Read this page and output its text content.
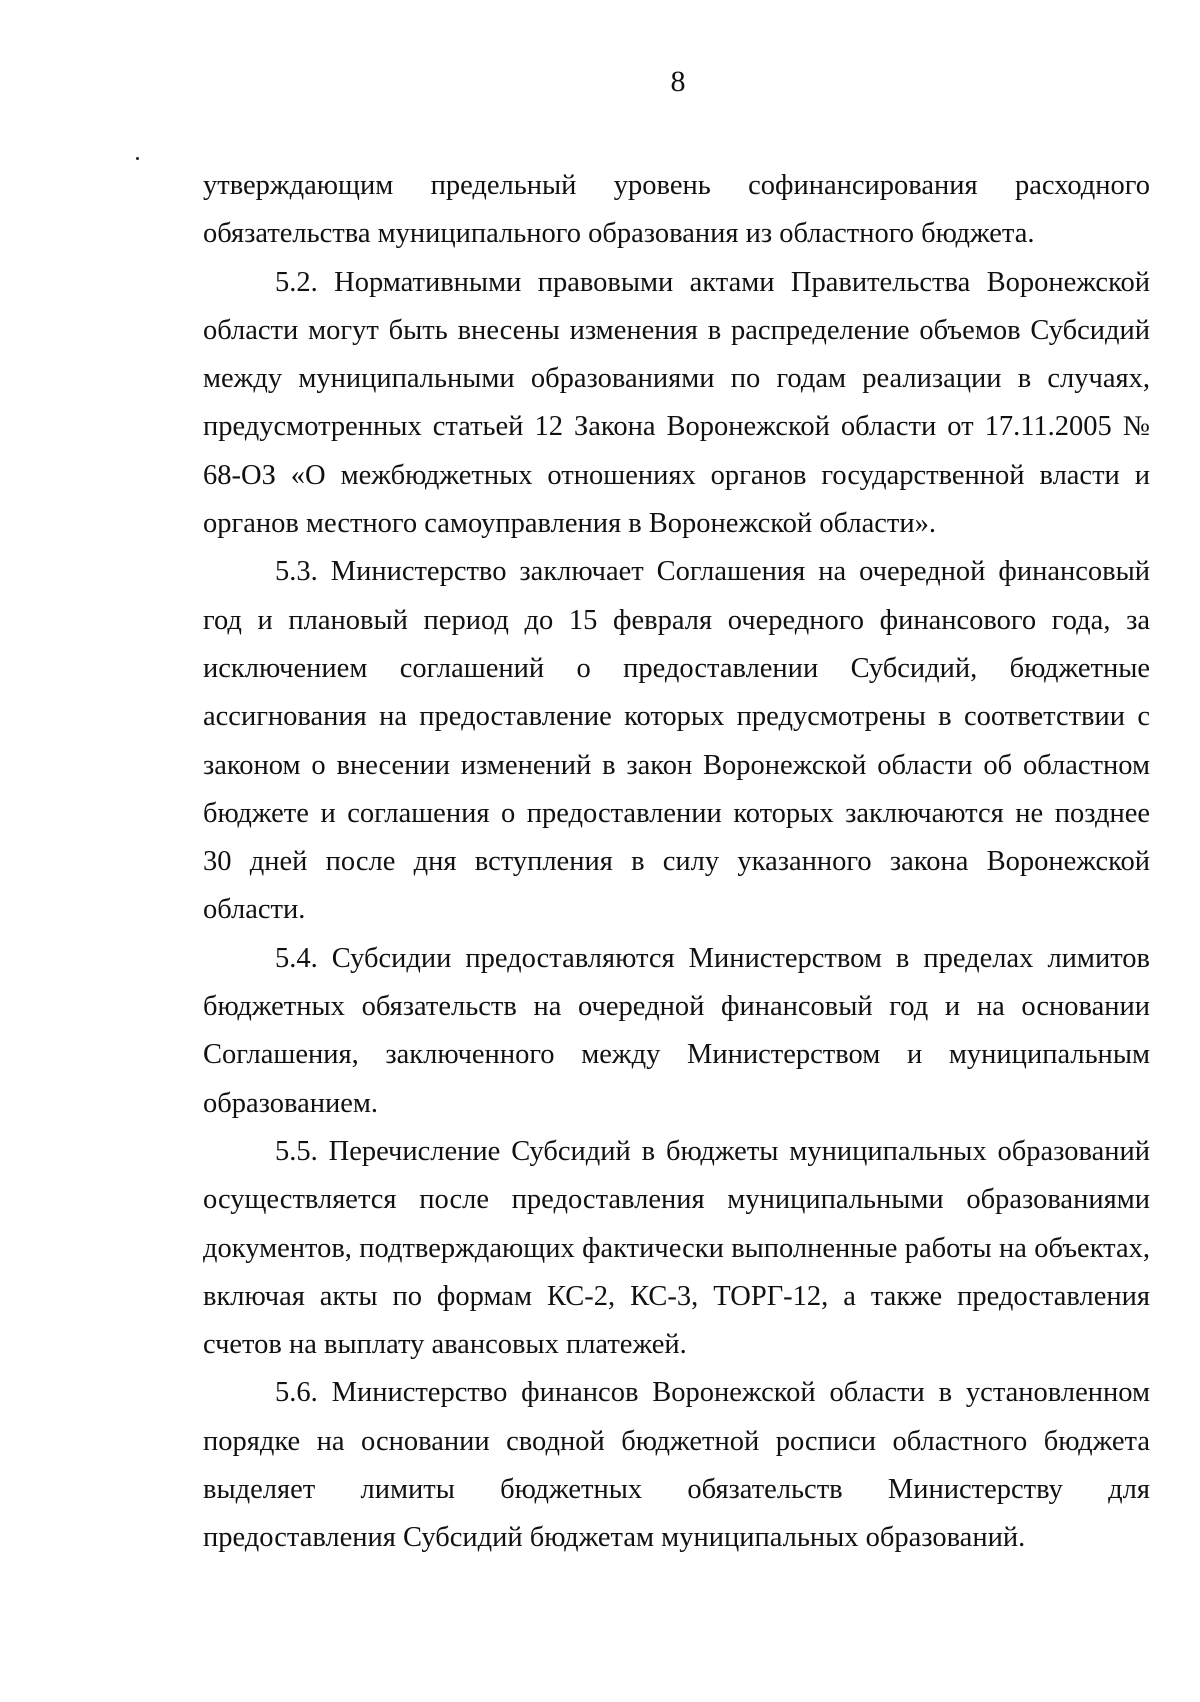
8

утверждающим предельный уровень софинансирования расходного обязательства муниципального образования из областного бюджета.

5.2. Нормативными правовыми актами Правительства Воронежской области могут быть внесены изменения в распределение объемов Субсидий между муниципальными образованиями по годам реализации в случаях, предусмотренных статьей 12 Закона Воронежской области от 17.11.2005 № 68-ОЗ «О межбюджетных отношениях органов государственной власти и органов местного самоуправления в Воронежской области».

5.3. Министерство заключает Соглашения на очередной финансовый год и плановый период до 15 февраля очередного финансового года, за исключением соглашений о предоставлении Субсидий, бюджетные ассигнования на предоставление которых предусмотрены в соответствии с законом о внесении изменений в закон Воронежской области об областном бюджете и соглашения о предоставлении которых заключаются не позднее 30 дней после дня вступления в силу указанного закона Воронежской области.

5.4. Субсидии предоставляются Министерством в пределах лимитов бюджетных обязательств на очередной финансовый год и на основании Соглашения, заключенного между Министерством и муниципальным образованием.

5.5. Перечисление Субсидий в бюджеты муниципальных образований осуществляется после предоставления муниципальными образованиями документов, подтверждающих фактически выполненные работы на объектах, включая акты по формам КС-2, КС-3, ТОРГ-12, а также предоставления счетов на выплату авансовых платежей.

5.6. Министерство финансов Воронежской области в установленном порядке на основании сводной бюджетной росписи областного бюджета выделяет лимиты бюджетных обязательств Министерству для предоставления Субсидий бюджетам муниципальных образований.
